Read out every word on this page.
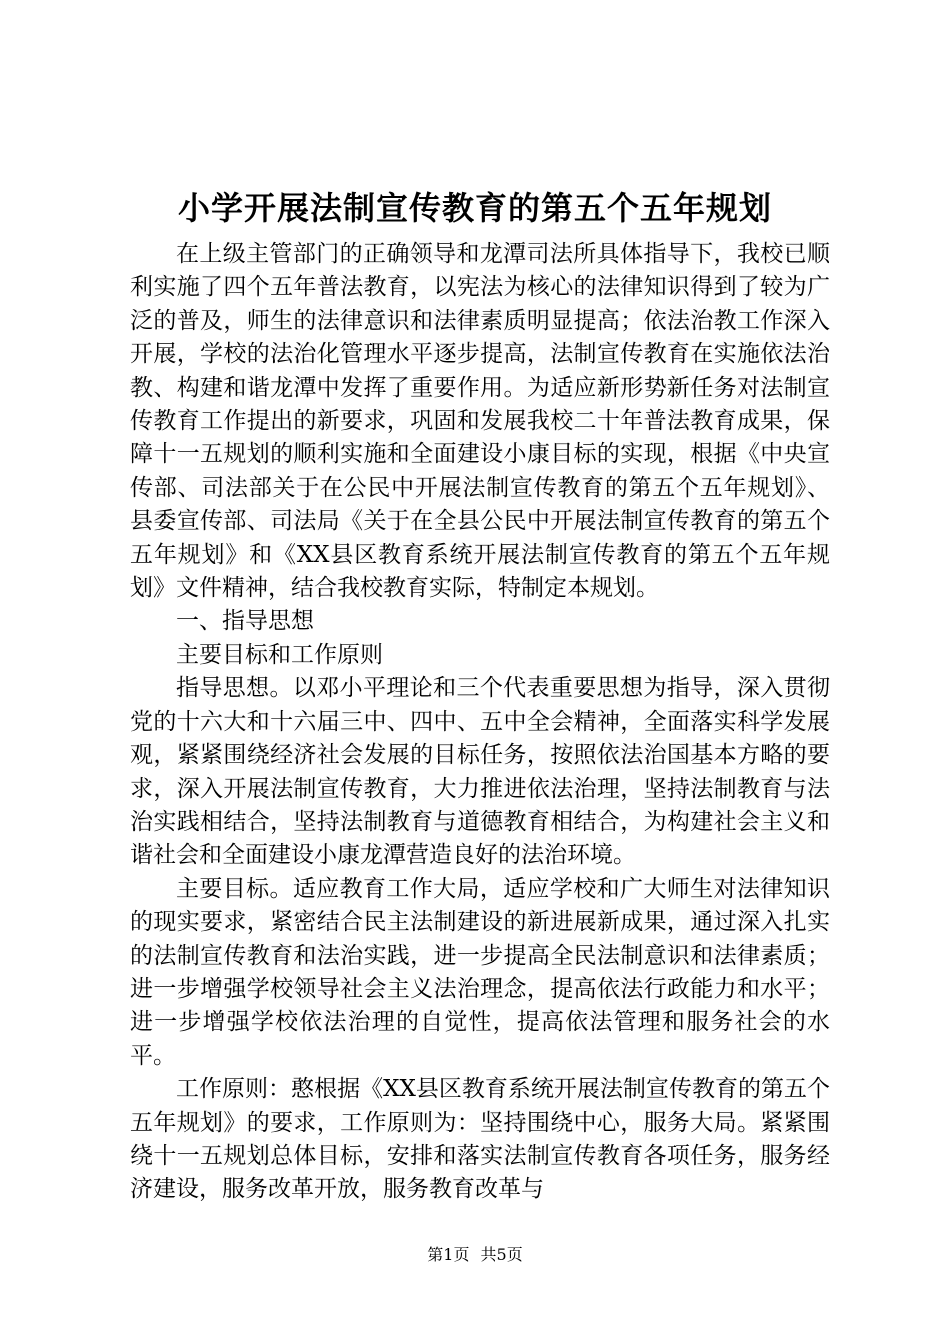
小学开展法制宣传教育的第五个五年规划

在上级主管部门的正确领导和龙潭司法所具体指导下，我校已顺利实施了四个五年普法教育，以宪法为核心的法律知识得到了较为广泛的普及，师生的法律意识和法律素质明显提高；依法治教工作深入开展，学校的法治化管理水平逐步提高，法制宣传教育在实施依法治教、构建和谐龙潭中发挥了重要作用。为适应新形势新任务对法制宣传教育工作提出的新要求，巩固和发展我校二十年普法教育成果，保障十一五规划的顺利实施和全面建设小康目标的实现，根据《中央宣传部、司法部关于在公民中开展法制宣传教育的第五个五年规划》、县委宣传部、司法局《关于在全县公民中开展法制宣传教育的第五个五年规划》和《XX县区教育系统开展法制宣传教育的第五个五年规划》文件精神，结合我校教育实际，特制定本规划。

一、指导思想

主要目标和工作原则

指导思想。以邓小平理论和三个代表重要思想为指导，深入贯彻党的十六大和十六届三中、四中、五中全会精神，全面落实科学发展观，紧紧围绕经济社会发展的目标任务，按照依法治国基本方略的要求，深入开展法制宣传教育，大力推进依法治理，坚持法制教育与法治实践相结合，坚持法制教育与道德教育相结合，为构建社会主义和谐社会和全面建设小康龙潭营造良好的法治环境。

主要目标。适应教育工作大局，适应学校和广大师生对法律知识的现实要求，紧密结合民主法制建设的新进展新成果，通过深入扎实的法制宣传教育和法治实践，进一步提高全民法制意识和法律素质；进一步增强学校领导社会主义法治理念，提高依法行政能力和水平；进一步增强学校依法治理的自觉性，提高依法管理和服务社会的水平。

工作原则：憨根据《XX县区教育系统开展法制宣传教育的第五个五年规划》的要求，工作原则为：坚持围绕中心，服务大局。紧紧围绕十一五规划总体目标，安排和落实法制宣传教育各项任务，服务经济建设，服务改革开放，服务教育改革与

第1页 共5页
